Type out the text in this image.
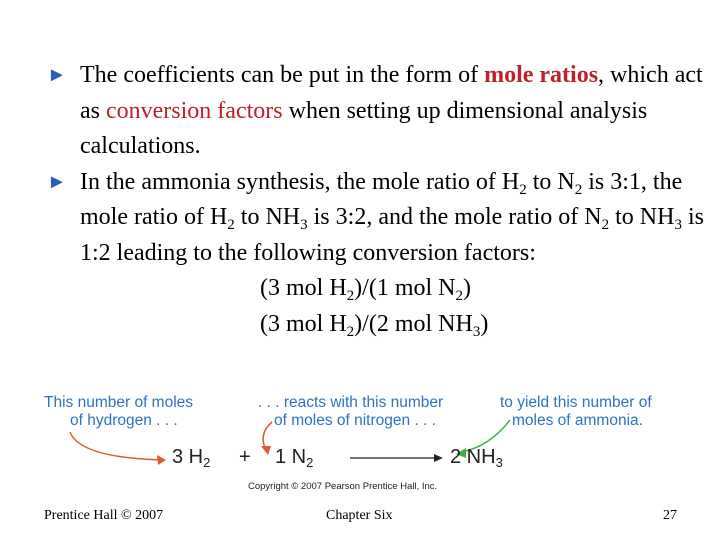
► The coefficients can be put in the form of mole ratios, which act as conversion factors when setting up dimensional analysis calculations.
► In the ammonia synthesis, the mole ratio of $H_2$ to $N_2$ is 3:1, the mole ratio of $H_2$ to $NH_3$ is 3:2, and the mole ratio of $N_2$ to $NH_3$ is 1:2 leading to the following conversion factors:
(3 mol $H_2)/(1$ mol $N_2$)
(3 mol $H_2)/(2$ mol $NH_3$)
This number of moles
of hydrogen . . .
. . . reacts with this number
of moles of nitrogen . . .
to yield this number of
moles of ammonia.
3 $H_2 + 1$ $N_2$	2 $NH_3$
Copyright © 2007 Pearson Prentice Hall, Inc.
Prentice Hall © 2007	Chapter Six	27
